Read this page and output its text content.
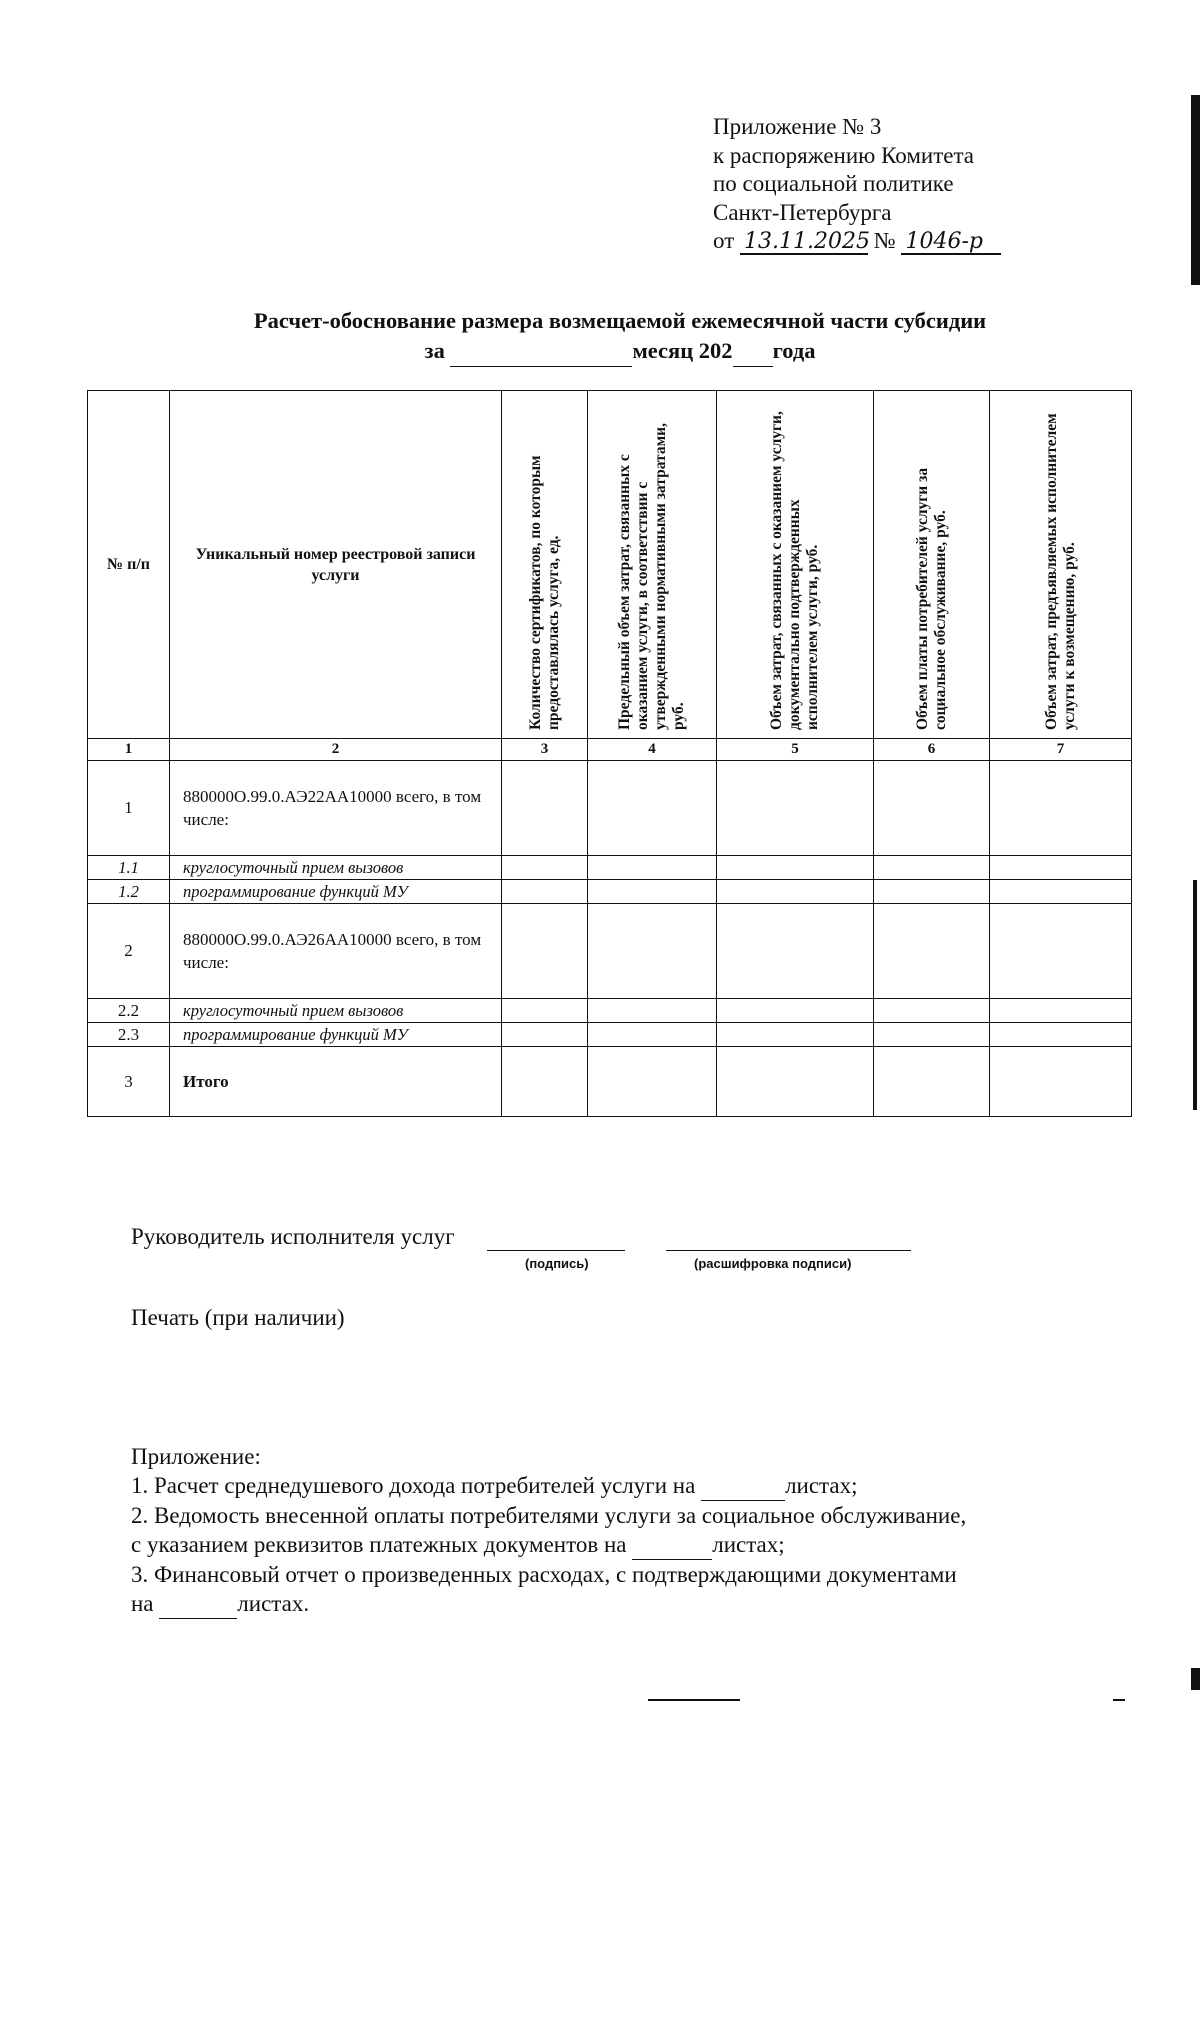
Приложение № 3
к распоряжению Комитета
по социальной политике
Санкт-Петербурга
от 13.11.2025 № 1046-р
Расчет-обоснование размера возмещаемой ежемесячной части субсидии
за	месяц 202 года
№ п/п	Уникальный номер реестровой записи услуги	Количество сертификатов, по которым предоставлялась услуга, ед.	Предельный объем затрат, связанных с оказанием услуги, в соответствии с утвержденными нормативными затратами, руб.	Объем затрат, связанных с оказанием услуги, документально подтвержденных исполнителем услуги, руб.	Объем платы потребителей услуги за социальное обслуживание, руб.	Объем затрат, предъявляемых исполнителем услуги к возмещению, руб.

1	2	3	4	5	6	7
1	880000О.99.0.АЭ22АА10000 всего, в том числе:					
1.1	круглосуточный прием вызовов					
1.2	программирование функций МУ					
2	880000О.99.0.АЭ26АА10000 всего, в том числе:					
2.2	круглосуточный прием вызовов					
2.3	программирование функций МУ					
3	Итого					
Руководитель исполнителя услуг
(подпись)	(расшифровка подписи)
Печать (при наличии)
Приложение:
1. Расчет среднедушевого дохода потребителей услуги на	листах;
2. Ведомость внесенной оплаты потребителями услуги за социальное обслуживание,
с указанием реквизитов платежных документов на	листах;
3. Финансовый отчет о произведенных расходах, с подтверждающими документами
на	листах.
